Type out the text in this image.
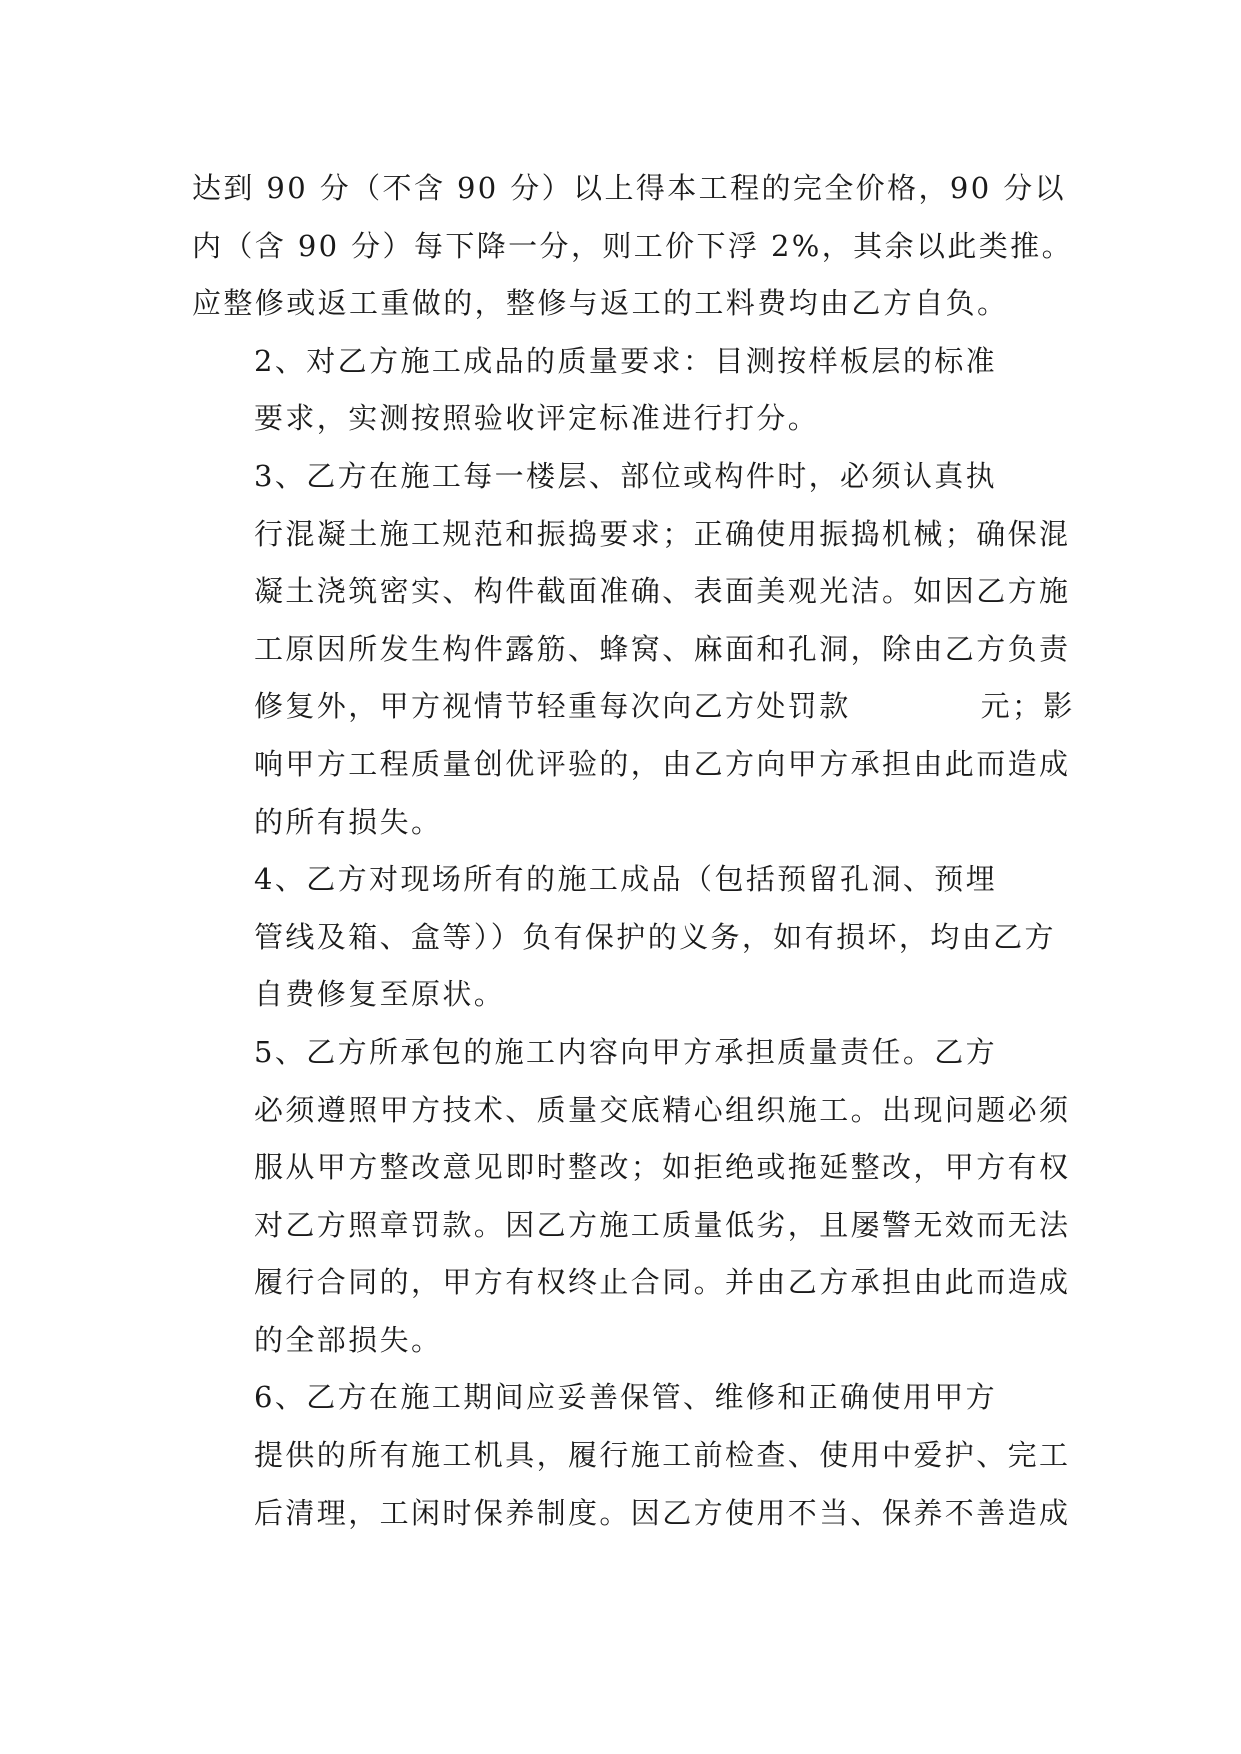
达到 90 分（不含 90 分）以上得本工程的完全价格，90 分以
内（含 90 分）每下降一分，则工价下浮 2%，其余以此类推。
应整修或返工重做的，整修与返工的工料费均由乙方自负。

2、对乙方施工成品的质量要求：目测按样板层的标准
要求，实测按照验收评定标准进行打分。

3、乙方在施工每一楼层、部位或构件时，必须认真执
行混凝土施工规范和振捣要求；正确使用振捣机械；确保混
凝土浇筑密实、构件截面准确、表面美观光洁。如因乙方施
工原因所发生构件露筋、蜂窝、麻面和孔洞，除由乙方负责
修复外，甲方视情节轻重每次向乙方处罚款	元；影
响甲方工程质量创优评验的，由乙方向甲方承担由此而造成
的所有损失。

4、乙方对现场所有的施工成品（包括预留孔洞、预埋
管线及箱、盒等））负有保护的义务，如有损坏，均由乙方
自费修复至原状。

5、乙方所承包的施工内容向甲方承担质量责任。乙方
必须遵照甲方技术、质量交底精心组织施工。出现问题必须
服从甲方整改意见即时整改；如拒绝或拖延整改，甲方有权
对乙方照章罚款。因乙方施工质量低劣，且屡警无效而无法
履行合同的，甲方有权终止合同。并由乙方承担由此而造成
的全部损失。

6、乙方在施工期间应妥善保管、维修和正确使用甲方
提供的所有施工机具，履行施工前检查、使用中爱护、完工
后清理，工闲时保养制度。因乙方使用不当、保养不善造成
